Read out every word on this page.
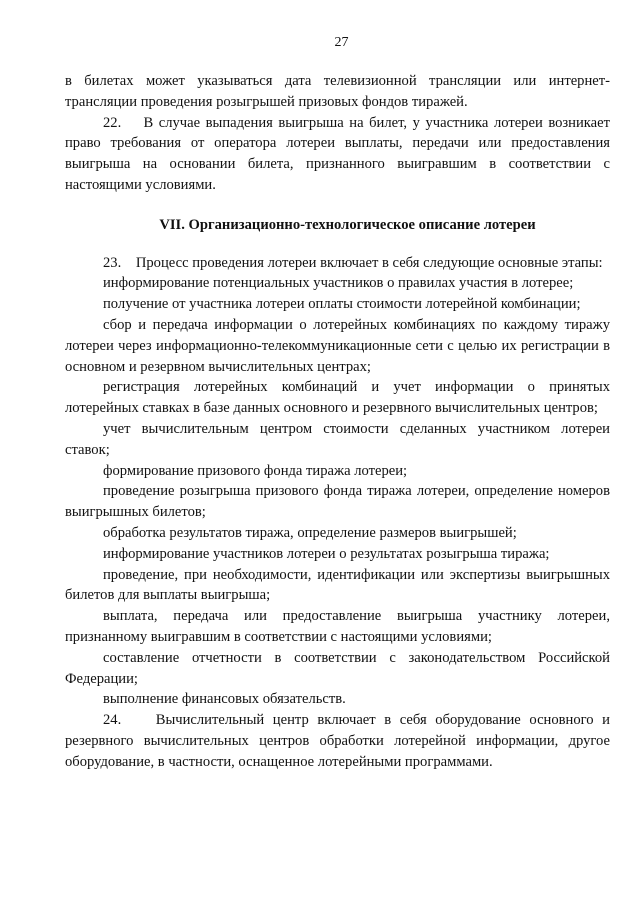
27

в билетах может указываться дата телевизионной трансляции или интернет-трансляции проведения розыгрышей призовых фондов тиражей.

22.    В случае выпадения выигрыша на билет, у участника лотереи возникает право требования от оператора лотереи выплаты, передачи или предоставления выигрыша на основании билета, признанного выигравшим в соответствии с настоящими условиями.

VII. Организационно-технологическое описание лотереи

23.    Процесс проведения лотереи включает в себя следующие основные этапы:

информирование потенциальных участников о правилах участия в лотерее;

получение от участника лотереи оплаты стоимости лотерейной комбинации;

сбор и передача информации о лотерейных комбинациях по каждому тиражу лотереи через информационно-телекоммуникационные сети с целью их регистрации в основном и резервном вычислительных центрах;

регистрация лотерейных комбинаций и учет информации о принятых лотерейных ставках в базе данных основного и резервного вычислительных центров;

учет вычислительным центром стоимости сделанных участником лотереи ставок;

формирование призового фонда тиража лотереи;

проведение розыгрыша призового фонда тиража лотереи, определение номеров выигрышных билетов;

обработка результатов тиража, определение размеров выигрышей;

информирование участников лотереи о результатах розыгрыша тиража;

проведение, при необходимости, идентификации или экспертизы выигрышных билетов для выплаты выигрыша;

выплата, передача или предоставление выигрыша участнику лотереи, признанному выигравшим в соответствии с настоящими условиями;

составление отчетности в соответствии с законодательством Российской Федерации;

выполнение финансовых обязательств.

24.    Вычислительный центр включает в себя оборудование основного и резервного вычислительных центров обработки лотерейной информации, другое оборудование, в частности, оснащенное лотерейными программами.
